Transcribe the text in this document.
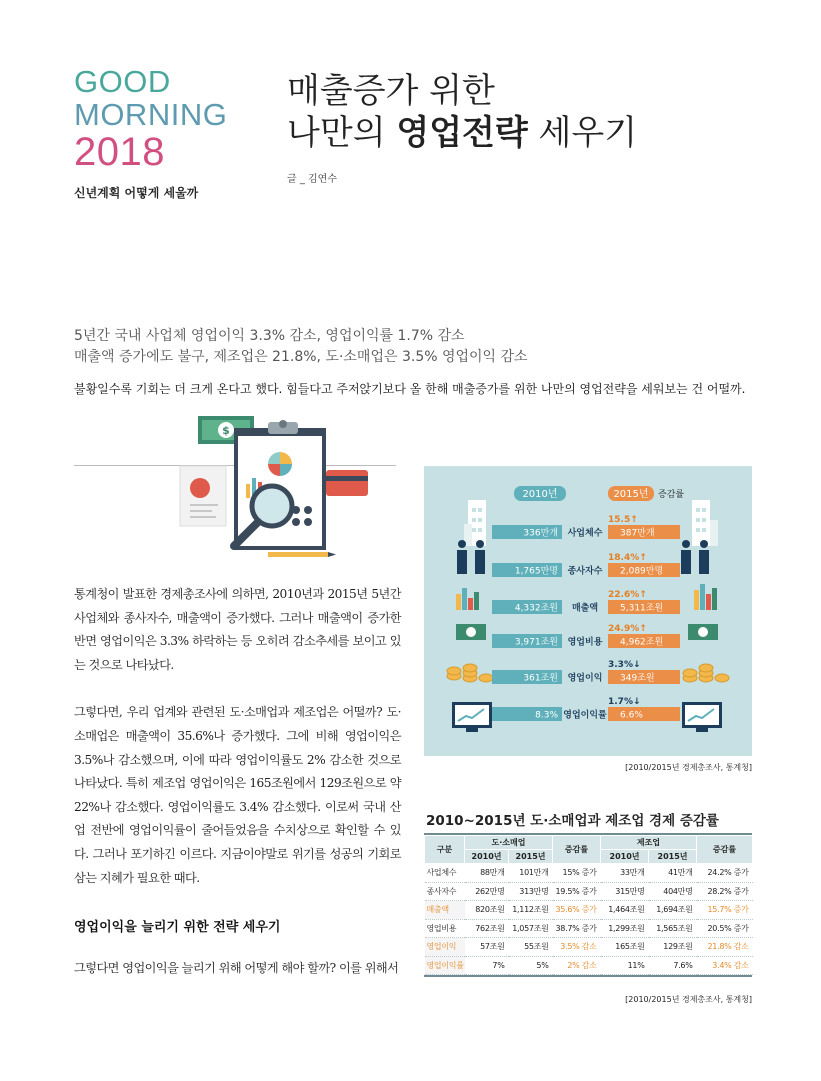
GOOD
MORNING
2018
신년계획 어떻게 세울까
매출증가 위한
나만의 영업전략 세우기
글 _ 김연수
5년간 국내 사업체 영업이익 3.3% 감소, 영업이익률 1.7% 감소
매출액 증가에도 불구, 제조업은 21.8%, 도·소매업은 3.5% 영업이익 감소
불황일수록 기회는 더 크게 온다고 했다. 힘들다고 주저앉기보다 올 한해 매출증가를 위한 나만의 영업전략을 세워보는 건 어떨까.
$

통계청이 발표한 경제총조사에 의하면, 2010년과 2015년 5년간 사업체와 종사자수, 매출액이 증가했다. 그러나 매출액이 증가한 반면 영업이익은 3.3% 하락하는 등 오히려 감소추세를 보이고 있는 것으로 나타났다.

그렇다면, 우리 업계와 관련된 도·소매업과 제조업은 어떨까? 도·소매업은 매출액이 35.6%나 증가했다. 그에 비해 영업이익은 3.5%나 감소했으며, 이에 따라 영업이익률도 2% 감소한 것으로 나타났다. 특히 제조업 영업이익은 165조원에서 129조원으로 약 22%나 감소했다. 영업이익률도 3.4% 감소했다. 이로써 국내 산업 전반에 영업이익률이 줄어들었음을 수치상으로 확인할 수 있다. 그러나 포기하긴 이르다. 지금이야말로 위기를 성공의 기회로 삼는 지혜가 필요한 때다.

영업이익을 늘리기 위한 전략 세우기

그렇다면 영업이익을 늘리기 위해 어떻게 해야 할까? 이를 위해서

2010년	2015년 증감률
336만개 사업체수 387만개
15.5↑
1,765만명 종사자수 2,089만명
18.4%↑
4,332조원 매출액 5,311조원
22.6%↑
3,971조원 영업비용 4,962조원
24.9%↑
361조원 영업이익 349조원
3.3%↓
8.3% 영업이익률 6.6%
1.7%↓
[2010/2015년 경제총조사, 통계청]
2010~2015년 도·소매업과 제조업 경제 증감률
구분	도·소매업		증감률	제조업		증감률
	2010년	2015년		2010년	2015년	
사업체수	88만개	101만개	15% 증가	33만개	41만개	24.2% 증가
종사자수	262만명	313만명	19.5% 증가	315만명	404만명	28.2% 증가
매출액	820조원	1,112조원	35.6% 증가	1,464조원	1,694조원	15.7% 증가
영업비용	762조원	1,057조원	38.7% 증가	1,299조원	1,565조원	20.5% 증가
영업이익	57조원	55조원	3.5% 감소	165조원	129조원	21.8% 감소
영업이익률	7%	5%	2% 감소	11%	7.6%	3.4% 감소
[2010/2015년 경제총조사, 통계청]
